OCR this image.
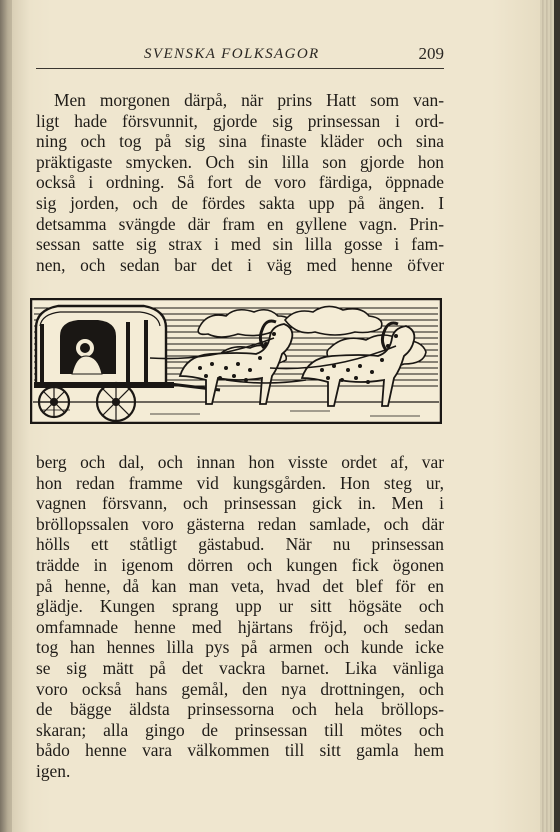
SVENSKA FOLKSAGOR	209
Men morgonen därpå, när prins Hatt som van-
ligt hade försvunnit, gjorde sig prinsessan i ord-
ning och tog på sig sina finaste kläder och sina
präktigaste smycken. Och sin lilla son gjorde hon
också i ordning. Så fort de voro färdiga, öppnade
sig jorden, och de fördes sakta upp på ängen. I
detsamma svängde där fram en gyllene vagn. Prin-
sessan satte sig strax i med sin lilla gosse i fam-
nen, och sedan bar det i väg med henne öfver
berg och dal, och innan hon visste ordet af, var
hon redan framme vid kungsgården. Hon steg ur,
vagnen försvann, och prinsessan gick in. Men i
bröllopssalen voro gästerna redan samlade, och där
hölls ett ståtligt gästabud. När nu prinsessan
trädde in igenom dörren och kungen fick ögonen
på henne, då kan man veta, hvad det blef för en
glädje. Kungen sprang upp ur sitt högsäte och
omfamnade henne med hjärtans fröjd, och sedan
tog han hennes lilla pys på armen och kunde icke
se sig mätt på det vackra barnet. Lika vänliga
voro också hans gemål, den nya drottningen, och
de bägge äldsta prinsessorna och hela bröllops-
skaran; alla gingo de prinsessan till mötes och
bådo henne vara välkommen till sitt gamla hem
igen.
